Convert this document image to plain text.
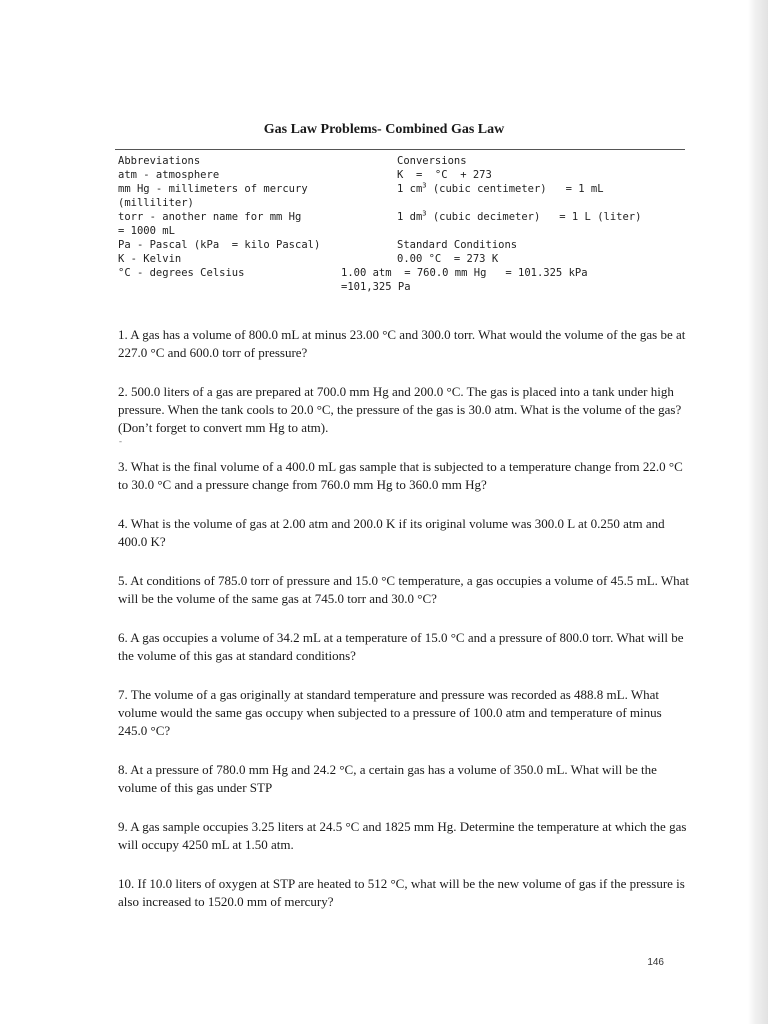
Gas Law Problems- Combined Gas Law
Abbreviations
atm - atmosphere
mm Hg - millimeters of mercury
(milliliter)
torr - another name for mm Hg
= 1000 mL
Pa - Pascal (kPa  = kilo Pascal)
K - Kelvin
°C - degrees Celsius
Conversions
K  =  °C  + 273
1 $cm^3$ (cubic centimeter)   = 1 mL
1 $dm^3$ (cubic decimeter)   = 1 L (liter)
Standard Conditions
0.00 °C  = 273 K
1.00 atm  = 760.0 mm Hg   = 101.325 kPa
=101,325 Pa

1. A gas has a volume of 800.0 mL at minus 23.00 °C and 300.0 torr. What would the volume of the gas be at 227.0 °C and 600.0 torr of pressure?

2. 500.0 liters of a gas are prepared at 700.0 mm Hg and 200.0 °C. The gas is placed into a tank under high pressure. When the tank cools to 20.0 °C, the pressure of the gas is 30.0 atm. What is the volume of the gas? (Don’t forget to convert mm Hg to atm).

3. What is the final volume of a 400.0 mL gas sample that is subjected to a temperature change from 22.0 °C to 30.0 °C and a pressure change from 760.0 mm Hg to 360.0 mm Hg?

4. What is the volume of gas at 2.00 atm and 200.0 K if its original volume was 300.0 L at 0.250 atm and 400.0 K?

5. At conditions of 785.0 torr of pressure and 15.0 °C temperature, a gas occupies a volume of 45.5 mL. What will be the volume of the same gas at 745.0 torr and 30.0 °C?

6. A gas occupies a volume of 34.2 mL at a temperature of 15.0 °C and a pressure of 800.0 torr. What will be the volume of this gas at standard conditions?

7. The volume of a gas originally at standard temperature and pressure was recorded as 488.8 mL. What volume would the same gas occupy when subjected to a pressure of 100.0 atm and temperature of minus 245.0 °C?

8. At a pressure of 780.0 mm Hg and 24.2 °C, a certain gas has a volume of 350.0 mL. What will be the volume of this gas under STP

9. A gas sample occupies 3.25 liters at 24.5 °C and 1825 mm Hg. Determine the temperature at which the gas will occupy 4250 mL at 1.50 atm.

10. If 10.0 liters of oxygen at STP are heated to 512 °C, what will be the new volume of gas if the pressure is also increased to 1520.0 mm of mercury?

-
146
